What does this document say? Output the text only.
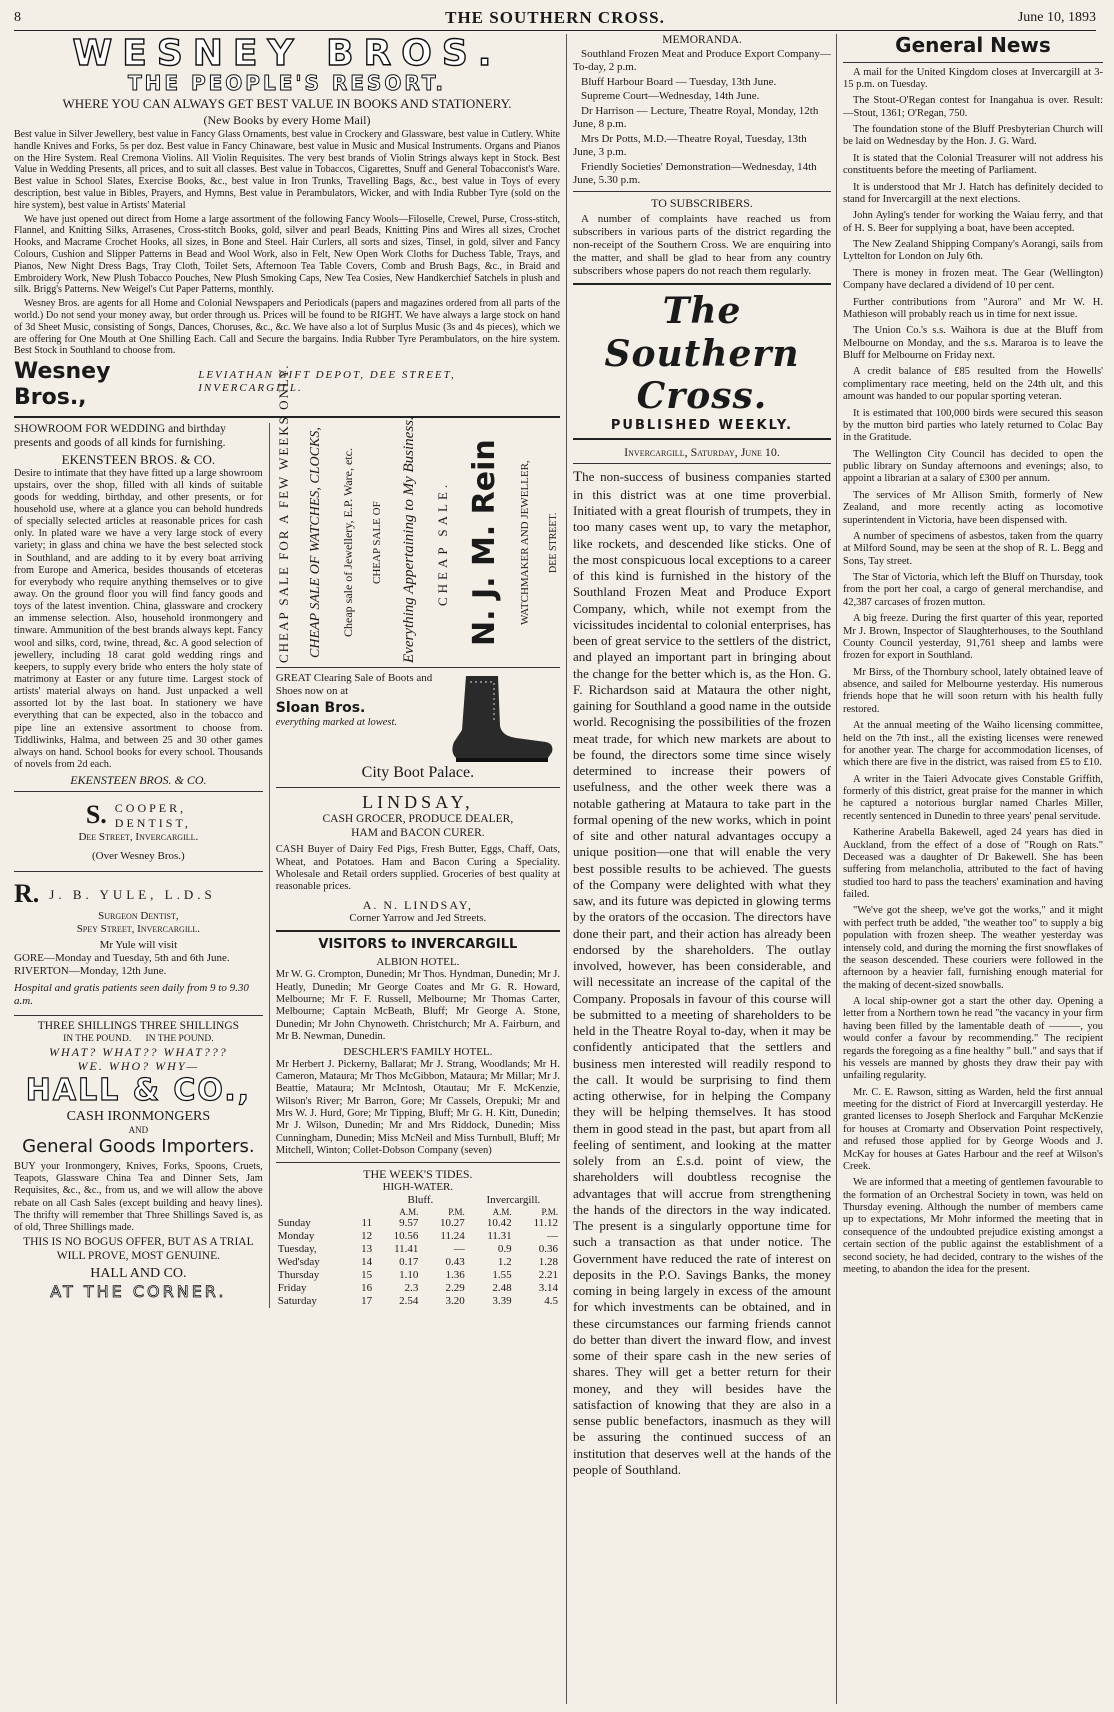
8	THE SOUTHERN CROSS.	June 10, 1893
WESNEY BROS.
THE PEOPLE'S RESORT.
WHERE YOU CAN ALWAYS GET BEST VALUE IN BOOKS AND STATIONERY.
(New Books by every Home Mail)

Best value in Silver Jewellery, best value in Fancy Glass Ornaments, best value in Crockery and Glassware, best value in Cutlery. White handle Knives and Forks, 5s per doz. Best value in Fancy Chinaware, best value in Music and Musical Instruments. Organs and Pianos on the Hire System. Real Cremona Violins. All Violin Requisites. The very best brands of Violin Strings always kept in Stock. Best Value in Wedding Presents, all prices, and to suit all classes. Best value in Tobaccos, Cigarettes, Snuff and General Tobacconist's Ware. Best value in School Slates, Exercise Books, &c., best value in Iron Trunks, Travelling Bags, &c., best value in Toys of every description, best value in Bibles, Prayers, and Hymns, Best value in Perambulators, Wicker, and with India Rubber Tyre (sold on the hire system), best value in Artists' Material

We have just opened out direct from Home a large assortment of the following Fancy Wools—Filoselle, Crewel, Purse, Cross-stitch, Flannel, and Knitting Silks, Arrasenes, Cross-stitch Books, gold, silver and pearl Beads, Knitting Pins and Wires all sizes, Crochet Hooks, and Macrame Crochet Hooks, all sizes, in Bone and Steel. Hair Curlers, all sorts and sizes, Tinsel, in gold, silver and Fancy Colours, Cushion and Slipper Patterns in Bead and Wool Work, also in Felt, New Open Work Cloths for Duchess Table, Trays, and Pianos, New Night Dress Bags, Tray Cloth, Toilet Sets, Afternoon Tea Table Covers, Comb and Brush Bags, &c., in Braid and Embroidery Work, New Plush Tobacco Pouches, New Plush Smoking Caps, New Tea Cosies, New Handkerchief Satchels in plush and silk. Brigg's Patterns. New Weigel's Cut Paper Patterns, monthly.

Wesney Bros. are agents for all Home and Colonial Newspapers and Periodicals (papers and magazines ordered from all parts of the world.) Do not send your money away, but order through us. Prices will be found to be RIGHT. We have always a large stock on hand of 3d Sheet Music, consisting of Songs, Dances, Choruses, &c., &c. We have also a lot of Surplus Music (3s and 4s pieces), which we are offering for One Mouth at One Shilling Each. Call and Secure the bargains. India Rubber Tyre Perambulators, on the hire system. Best Stock in Southland to choose from.

Wesney Bros.,
LEVIATHAN GIFT DEPOT, DEE STREET, INVERCARGILL.

SHOWROOM FOR WEDDING and birthday presents and goods of all kinds for furnishing.

EKENSTEEN BROS. & CO.

Desire to intimate that they have fitted up a large showroom upstairs, over the shop, filled with all kinds of suitable goods for wedding, birthday, and other presents, or for household use, where at a glance you can behold hundreds of specially selected articles at reasonable prices for cash only. In plated ware we have a very large stock of every variety; in glass and china we have the best selected stock in Southland, and are adding to it by every boat arriving from Europe and America, besides thousands of etceteras for everybody who require anything themselves or to give away. On the ground floor you will find fancy goods and toys of the latest invention. China, glassware and crockery an immense selection. Also, household ironmongery and tinware. Ammunition of the best brands always kept. Fancy wool and silks, cord, twine, thread, &c. A good selection of jewellery, including 18 carat gold wedding rings and keepers, to supply every bride who enters the holy state of matrimony at Easter or any future time. Largest stock of artists' material always on hand. Just unpacked a well assorted lot by the last boat. In stationery we have everything that can be expected, also in the tobacco and pipe line an extensive assortment to choose from. Tiddliwinks, Halma, and between 25 and 30 other games always on hand. School books for every school. Thousands of novels from 2d each.

EKENSTEEN BROS. & CO.
S. COOPER,
DENTIST,
Dee Street, Invercargill.
(Over Wesney Bros.)
R. J. B. YULE, L.D.S
Surgeon Dentist,
Spey Street, Invercargill.
Mr Yule will visit
GORE—Monday and Tuesday, 5th and 6th June.
RIVERTON—Monday, 12th June.
Hospital and gratis patients seen daily from 9 to 9.30 a.m.
THREE SHILLINGS THREE SHILLINGS
IN THE POUND.      IN THE POUND.
WHAT? WHAT?? WHAT???
WE. WHO? WHY—
HALL & CO.,
CASH IRONMONGERS
AND
General Goods Importers.

BUY your Ironmongery, Knives, Forks, Spoons, Cruets, Teapots, Glassware China Tea and Dinner Sets, Jam Requisites, &c., &c., from us, and we will allow the above rebate on all Cash Sales (except building and heavy lines). The thrifty will remember that Three Shillings Saved is, as of old, Three Shillings made.

THIS IS NO BOGUS OFFER, BUT AS A TRIAL WILL PROVE, MOST GENUINE.
HALL AND CO.
AT THE CORNER.
CHEAP SALE FOR A FEW WEEKS ONLY. CHEAP SALE OF WATCHES, CLOCKS, Cheap sale of Jewellery, E.P. Ware, etc. CHEAP SALE OF Everything Appertaining to My Business. CHEAP SALE. N. J. M. Rein WATCHMAKER AND JEWELLER, DEE STREET.

GREAT Clearing Sale of Boots and Shoes now on at

Sloan Bros.
everything marked at lowest.
City Boot Palace.
LINDSAY,
CASH GROCER, PRODUCE DEALER,
HAM and BACON CURER.

CASH Buyer of Dairy Fed Pigs, Fresh Butter, Eggs, Chaff, Oats, Wheat, and Potatoes. Ham and Bacon Curing a Speciality. Wholesale and Retail orders supplied. Groceries of best quality at reasonable prices.

A. N. LINDSAY,
Corner Yarrow and Jed Streets.
VISITORS to INVERCARGILL
ALBION HOTEL.

Mr W. G. Crompton, Dunedin; Mr Thos. Hyndman, Dunedin; Mr J. Heatly, Dunedin; Mr George Coates and Mr G. R. Howard, Melbourne; Mr F. F. Russell, Melbourne; Mr Thomas Carter, Melbourne; Captain McBeath, Bluff; Mr George A. Stone, Dunedin; Mr John Chynoweth. Christchurch; Mr A. Fairburn, and Mr B. Newman, Dunedin.

DESCHLER'S FAMILY HOTEL.

Mr Herbert J. Pickerny, Ballarat; Mr J. Strang, Woodlands; Mr H. Cameron, Mataura; Mr Thos McGibbon, Mataura; Mr Millar; Mr J. Beattie, Mataura; Mr McIntosh, Otautau; Mr F. McKenzie, Wilson's River; Mr Barron, Gore; Mr Cassels, Orepuki; Mr and Mrs W. J. Hurd, Gore; Mr Tipping, Bluff; Mr G. H. Kitt, Dunedin; Mr J. Wilson, Dunedin; Mr and Mrs Riddock, Dunedin; Miss Cunningham, Dunedin; Miss McNeil and Miss Turnbull, Bluff; Mr Mitchell, Winton; Collet-Dobson Company (seven)

THE WEEK'S TIDES.
HIGH-WATER.
		Bluff.		Invercargill.	
		A.M.	P.M.	A.M.	P.M.
Sunday	11	9.57	10.27	10.42	11.12
Monday	12	10.56	11.24	11.31	—
Tuesday,	13	11.41	—	0.9	0.36
Wed'sday	14	0.17	0.43	1.2	1.28
Thursday	15	1.10	1.36	1.55	2.21
Friday	16	2.3	2.29	2.48	3.14
Saturday	17	2.54	3.20	3.39	4.5
MEMORANDA.

Southland Frozen Meat and Produce Export Company—To-day, 2 p.m.

Bluff Harbour Board — Tuesday, 13th June.

Supreme Court—Wednesday, 14th June.

Dr Harrison — Lecture, Theatre Royal, Monday, 12th June, 8 p.m.

Mrs Dr Potts, M.D.—Theatre Royal, Tuesday, 13th June, 3 p.m.

Friendly Societies' Demonstration—Wednesday, 14th June, 5.30 p.m.

TO SUBSCRIBERS.

A number of complaints have reached us from subscribers in various parts of the district regarding the non-receipt of the Southern Cross. We are enquiring into the matter, and shall be glad to hear from any country subscribers whose papers do not reach them regularly.

The Southern Cross.
PUBLISHED WEEKLY.
Invercargill, Saturday, June 10.

The non-success of business companies started in this district was at one time proverbial. Initiated with a great flourish of trumpets, they in too many cases went up, to vary the metaphor, like rockets, and descended like sticks. One of the most conspicuous local exceptions to a career of this kind is furnished in the history of the Southland Frozen Meat and Produce Export Company, which, while not exempt from the vicissitudes incidental to colonial enterprises, has been of great service to the settlers of the district, and played an important part in bringing about the change for the better which is, as the Hon. G. F. Richardson said at Mataura the other night, gaining for Southland a good name in the outside world. Recognising the possibilities of the frozen meat trade, for which new markets are about to be found, the directors some time since wisely determined to increase their powers of usefulness, and the other week there was a notable gathering at Mataura to take part in the formal opening of the new works, which in point of site and other natural advantages occupy a unique position—one that will enable the very best possible results to be achieved. The guests of the Company were delighted with what they saw, and its future was depicted in glowing terms by the orators of the occasion. The directors have done their part, and their action has already been endorsed by the shareholders. The outlay involved, however, has been considerable, and will necessitate an increase of the capital of the Company. Proposals in favour of this course will be submitted to a meeting of shareholders to be held in the Theatre Royal to-day, when it may be confidently anticipated that the settlers and business men interested will readily respond to the call. It would be surprising to find them acting otherwise, for in helping the Company they will be helping themselves. It has stood them in good stead in the past, but apart from all feeling of sentiment, and looking at the matter solely from an £.s.d. point of view, the shareholders will doubtless recognise the advantages that will accrue from strengthening the hands of the directors in the way indicated. The present is a singularly opportune time for such a transaction as that under notice. The Government have reduced the rate of interest on deposits in the P.O. Savings Banks, the money coming in being largely in excess of the amount for which investments can be obtained, and in these circumstances our farming friends cannot do better than divert the inward flow, and invest some of their spare cash in the new series of shares. They will get a better return for their money, and they will besides have the satisfaction of knowing that they are also in a sense public benefactors, inasmuch as they will be assuring the continued success of an institution that deserves well at the hands of the people of Southland.

General News

A mail for the United Kingdom closes at Invercargill at 3-15 p.m. on Tuesday.

The Stout-O'Regan contest for Inangahua is over. Result:—Stout, 1361; O'Regan, 750.

The foundation stone of the Bluff Presbyterian Church will be laid on Wednesday by the Hon. J. G. Ward.

It is stated that the Colonial Treasurer will not address his constituents before the meeting of Parliament.

It is understood that Mr J. Hatch has definitely decided to stand for Invercargill at the next elections.

John Ayling's tender for working the Waiau ferry, and that of H. S. Beer for supplying a boat, have been accepted.

The New Zealand Shipping Company's Aorangi, sails from Lyttelton for London on July 6th.

There is money in frozen meat. The Gear (Wellington) Company have declared a dividend of 10 per cent.

Further contributions from "Aurora" and Mr W. H. Mathieson will probably reach us in time for next issue.

The Union Co.'s s.s. Waihora is due at the Bluff from Melbourne on Monday, and the s.s. Mararoa is to leave the Bluff for Melbourne on Friday next.

A credit balance of £85 resulted from the Howells' complimentary race meeting, held on the 24th ult, and this amount was handed to our popular sporting veteran.

It is estimated that 100,000 birds were secured this season by the mutton bird parties who lately returned to Colac Bay in the Gratitude.

The Wellington City Council has decided to open the public library on Sunday afternoons and evenings; also, to appoint a librarian at a salary of £300 per annum.

The services of Mr Allison Smith, formerly of New Zealand, and more recently acting as locomotive superintendent in Victoria, have been dispensed with.

A number of specimens of asbestos, taken from the quarry at Milford Sound, may be seen at the shop of R. L. Begg and Sons, Tay street.

The Star of Victoria, which left the Bluff on Thursday, took from the port her coal, a cargo of general merchandise, and 42,387 carcases of frozen mutton.

A big freeze. During the first quarter of this year, reported Mr J. Brown, Inspector of Slaughterhouses, to the Southland County Council yesterday, 91,761 sheep and lambs were frozen for export in Southland.

Mr Birss, of the Thornbury school, lately obtained leave of absence, and sailed for Melbourne yesterday. His numerous friends hope that he will soon return with his health fully restored.

At the annual meeting of the Waiho licensing committee, held on the 7th inst., all the existing licenses were renewed for another year. The charge for accommodation licenses, of which there are five in the district, was raised from £5 to £10.

A writer in the Taieri Advocate gives Constable Griffith, formerly of this district, great praise for the manner in which he captured a notorious burglar named Charles Miller, recently sentenced in Dunedin to three years' penal servitude.

Katherine Arabella Bakewell, aged 24 years has died in Auckland, from the effect of a dose of "Rough on Rats." Deceased was a daughter of Dr Bakewell. She has been suffering from melancholia, attributed to the fact of having studied too hard to pass the teachers' examination and having failed.

"We've got the sheep, we've got the works," and it might with perfect truth be added, "the weather too" to supply a big population with frozen sheep. The weather yesterday was intensely cold, and during the morning the first snowflakes of the season descended. These couriers were followed in the afternoon by a heavier fall, furnishing enough material for the making of decent-sized snowballs.

A local ship-owner got a start the other day. Opening a letter from a Northern town he read "the vacancy in your firm having been filled by the lamentable death of ———, you would confer a favour by recommending." The recipient regards the foregoing as a fine healthy " bull." and says that if his vessels are manned by ghosts they draw their pay with unfailing regularity.

Mr. C. E. Rawson, sitting as Warden, held the first annual meeting for the district of Fiord at Invercargill yesterday. He granted licenses to Joseph Sherlock and Farquhar McKenzie for houses at Cromarty and Observation Point respectively, and refused those applied for by George Woods and J. McKay for houses at Gates Harbour and the reef at Wilson's Creek.

We are informed that a meeting of gentlemen favourable to the formation of an Orchestral Society in town, was held on Thursday evening. Although the number of members came up to expectations, Mr Mohr informed the meeting that in consequence of the undoubted prejudice existing amongst a certain section of the public against the establishment of a second society, he had decided, contrary to the wishes of the meeting, to abandon the idea for the present.
